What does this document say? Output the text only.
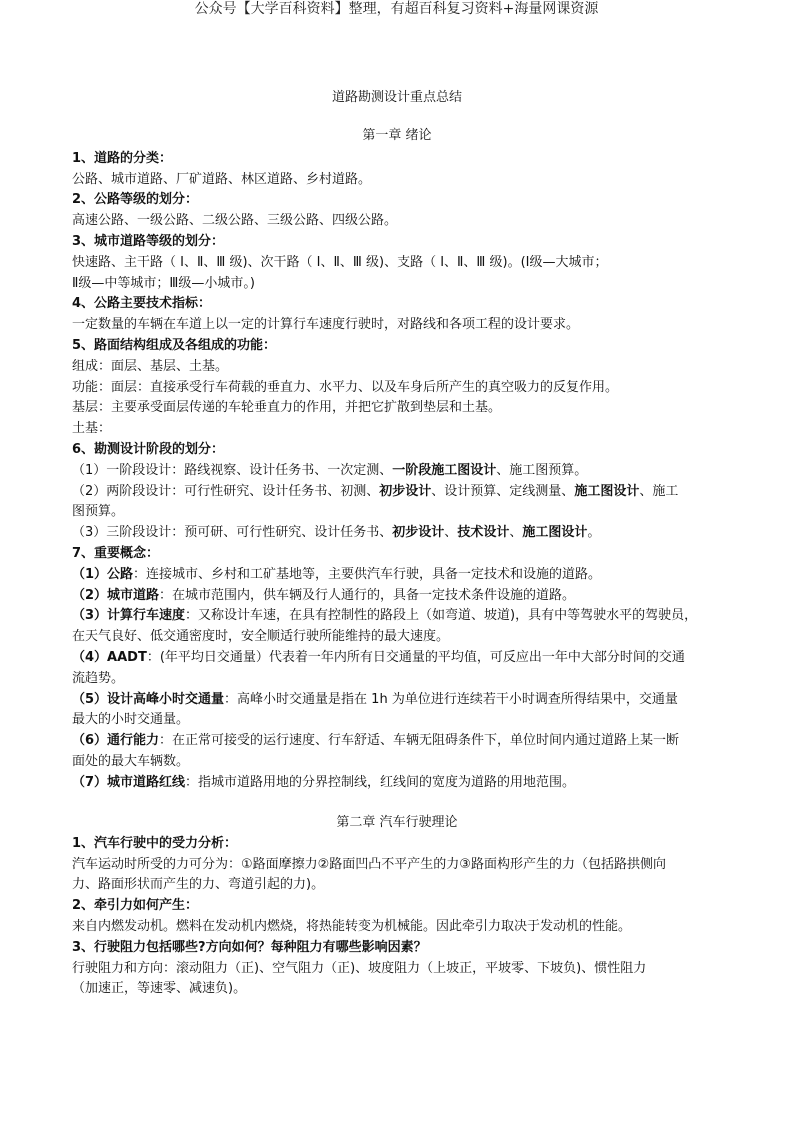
公众号【大学百科资料】整理，有超百科复习资料+海量网课资源
道路勘测设计重点总结
第一章 绪论
1、道路的分类：
公路、城市道路、厂矿道路、林区道路、乡村道路。
2、公路等级的划分：
高速公路、一级公路、二级公路、三级公路、四级公路。
3、城市道路等级的划分：
快速路、主干路（ Ⅰ、Ⅱ、Ⅲ 级)、次干路（ Ⅰ、Ⅱ、Ⅲ 级)、支路（ Ⅰ、Ⅱ、Ⅲ 级)。(Ⅰ级—大城市；
Ⅱ级—中等城市；Ⅲ级—小城市。)
4、公路主要技术指标：
一定数量的车辆在车道上以一定的计算行车速度行驶时，对路线和各项工程的设计要求。
5、路面结构组成及各组成的功能：
组成：面层、基层、土基。
功能：面层：直接承受行车荷载的垂直力、水平力、以及车身后所产生的真空吸力的反复作用。
基层：主要承受面层传递的车轮垂直力的作用，并把它扩散到垫层和土基。
土基：
6、勘测设计阶段的划分：
（1）一阶段设计：路线视察、设计任务书、一次定测、一阶段施工图设计、施工图预算。
（2）两阶段设计：可行性研究、设计任务书、初测、初步设计、设计预算、定线测量、施工图设计、施工
图预算。
（3）三阶段设计：预可研、可行性研究、设计任务书、初步设计、技术设计、施工图设计。
7、重要概念：
（1）公路：连接城市、乡村和工矿基地等，主要供汽车行驶，具备一定技术和设施的道路。
（2）城市道路：在城市范围内，供车辆及行人通行的，具备一定技术条件设施的道路。
（3）计算行车速度：又称设计车速，在具有控制性的路段上（如弯道、坡道)，具有中等驾驶水平的驾驶员，
在天气良好、低交通密度时，安全顺适行驶所能维持的最大速度。
（4）AADT：(年平均日交通量）代表着一年内所有日交通量的平均值，可反应出一年中大部分时间的交通
流趋势。
（5）设计高峰小时交通量：高峰小时交通量是指在 1h 为单位进行连续若干小时调查所得结果中，交通量
最大的小时交通量。
（6）通行能力：在正常可接受的运行速度、行车舒适、车辆无阻碍条件下，单位时间内通过道路上某一断
面处的最大车辆数。
（7）城市道路红线：指城市道路用地的分界控制线，红线间的宽度为道路的用地范围。
第二章 汽车行驶理论
1、汽车行驶中的受力分析：
汽车运动时所受的力可分为：①路面摩擦力②路面凹凸不平产生的力③路面构形产生的力（包括路拱侧向
力、路面形状而产生的力、弯道引起的力)。
2、牵引力如何产生：
来自内燃发动机。燃料在发动机内燃烧，将热能转变为机械能。因此牵引力取决于发动机的性能。
3、行驶阻力包括哪些?方向如何？每种阻力有哪些影响因素？
行驶阻力和方向：滚动阻力（正)、空气阻力（正)、坡度阻力（上坡正，平坡零、下坡负)、惯性阻力
（加速正，等速零、减速负)。
